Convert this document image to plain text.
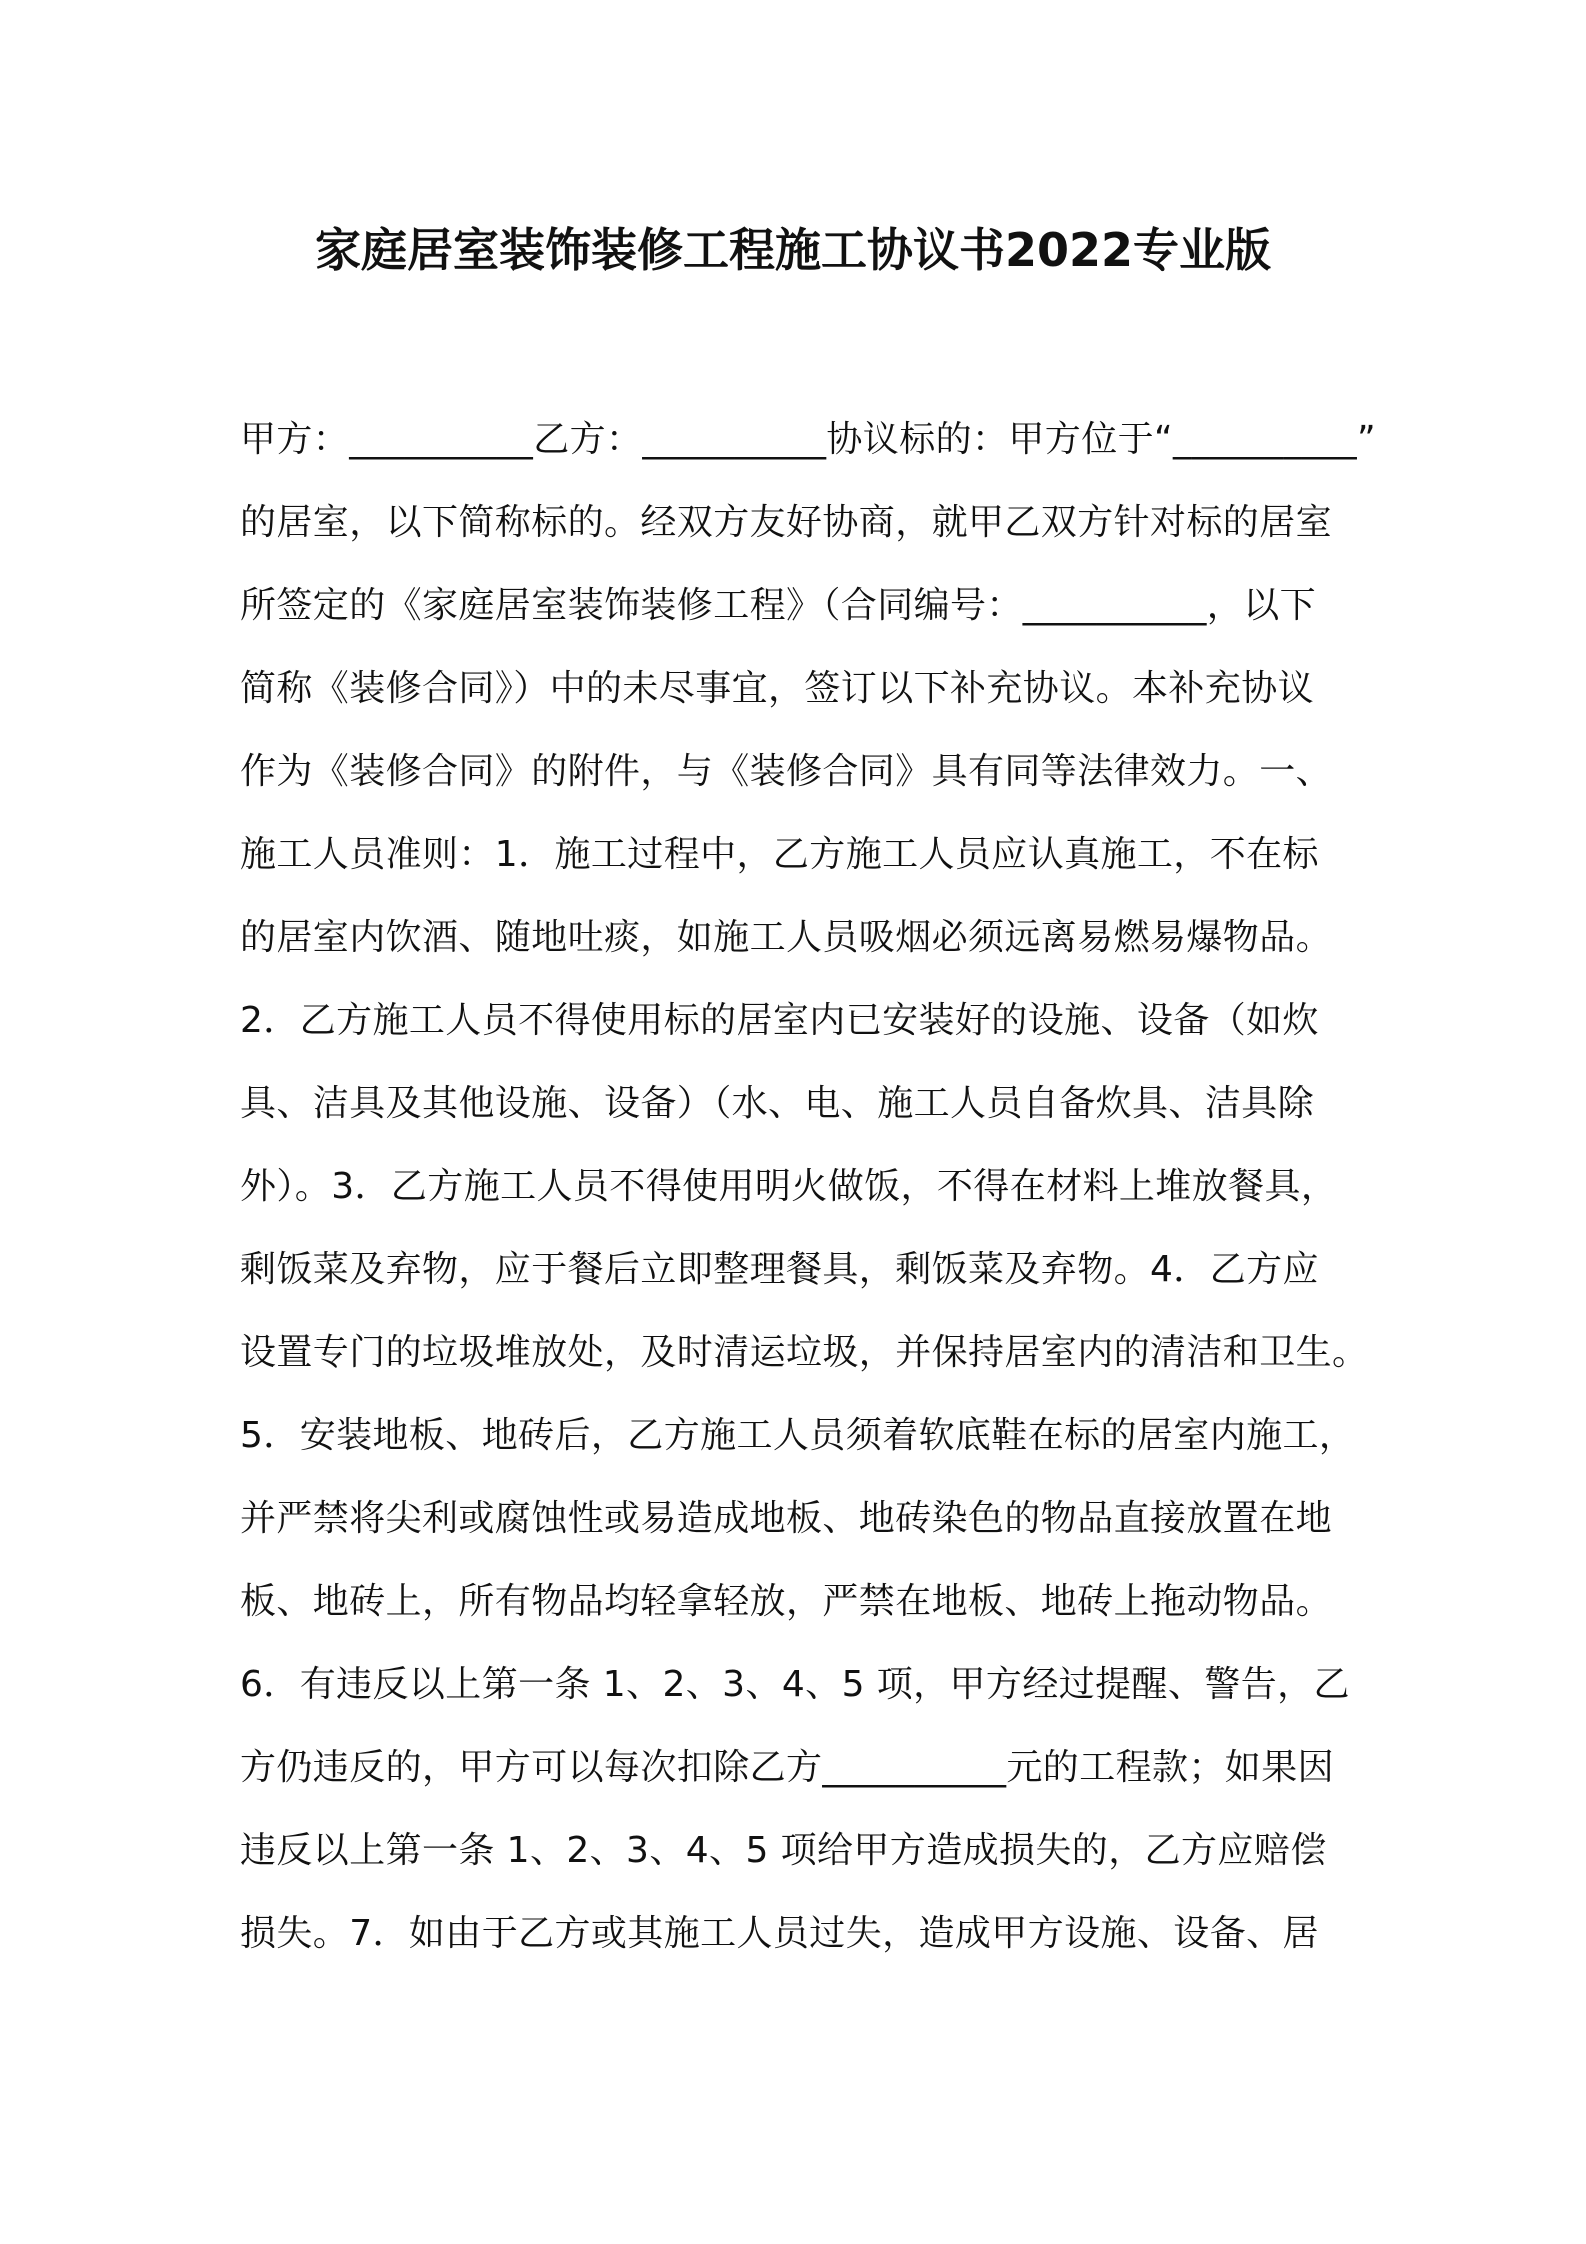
家庭居室装饰装修工程施工协议书2022专业版
甲方：__________乙方：__________协议标的：甲方位于“__________”
的居室，以下简称标的。经双方友好协商，就甲乙双方针对标的居室
所签定的《家庭居室装饰装修工程》（合同编号：__________，以下
简称《装修合同》）中的未尽事宜，签订以下补充协议。本补充协议
作为《装修合同》的附件，与《装修合同》具有同等法律效力。一、
施工人员准则：1．施工过程中，乙方施工人员应认真施工，不在标
的居室内饮酒、随地吐痰，如施工人员吸烟必须远离易燃易爆物品。
2．乙方施工人员不得使用标的居室内已安装好的设施、设备（如炊
具、洁具及其他设施、设备）（水、电、施工人员自备炊具、洁具除
外）。3．乙方施工人员不得使用明火做饭，不得在材料上堆放餐具，
剩饭菜及弃物，应于餐后立即整理餐具，剩饭菜及弃物。4．乙方应
设置专门的垃圾堆放处，及时清运垃圾，并保持居室内的清洁和卫生。
5．安装地板、地砖后，乙方施工人员须着软底鞋在标的居室内施工，
并严禁将尖利或腐蚀性或易造成地板、地砖染色的物品直接放置在地
板、地砖上，所有物品均轻拿轻放，严禁在地板、地砖上拖动物品。
6．有违反以上第一条 1、2、3、4、5 项，甲方经过提醒、警告，乙
方仍违反的，甲方可以每次扣除乙方__________元的工程款；如果因
违反以上第一条 1、2、3、4、5 项给甲方造成损失的，乙方应赔偿
损失。7．如由于乙方或其施工人员过失，造成甲方设施、设备、居
